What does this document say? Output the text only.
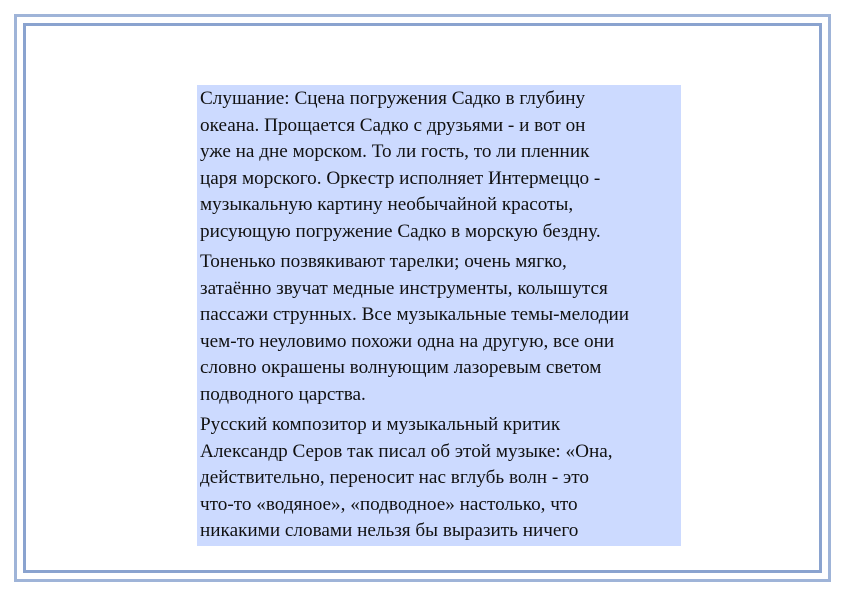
Слушание: Сцена погружения Садко в глубину
океана. Прощается Садко с друзьями - и вот он
уже на дне морском. То ли гость, то ли пленник
царя морского. Оркестр исполняет Интермеццо -
музыкальную картину необычайной красоты,
рисующую погружение Садко в морскую бездну.

Тоненько позвякивают тарелки; очень мягко,
затаённо звучат медные инструменты, колышутся
пассажи струнных. Все музыкальные темы-мелодии
чем-то неуловимо похожи одна на другую, все они
словно окрашены волнующим лазоревым светом
подводного царства.

Русский композитор и музыкальный критик
Александр Серов так писал об этой музыке: «Она,
действительно, переносит нас вглубь волн - это
что-то «водяное», «подводное» настолько, что
никакими словами нельзя бы выразить ничего
